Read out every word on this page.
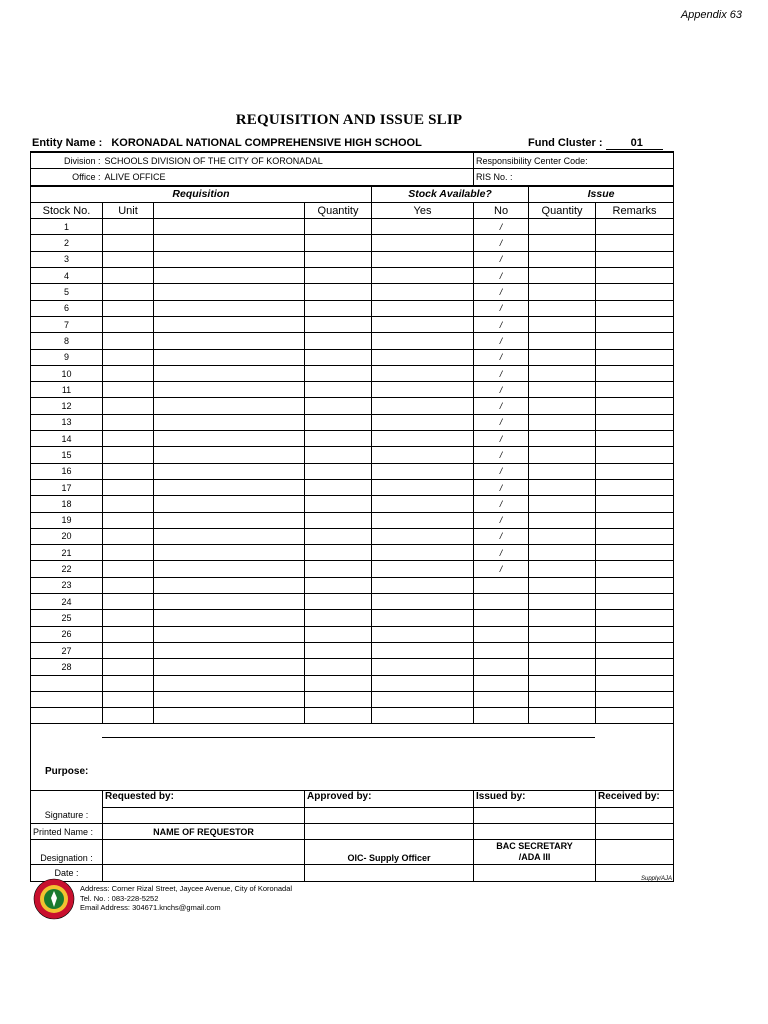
Appendix 63
REQUISITION AND ISSUE SLIP
Entity Name : KORONADAL NATIONAL COMPREHENSIVE HIGH SCHOOL	Fund Cluster :	01
Division :	SCHOOLS DIVISION OF THE CITY OF KORONADAL				Responsibility Center Code:		
Office :	ALIVE OFFICE				RIS No. :		
Requisition				Stock Available?		Issue	
Stock No.	Unit		Quantity	Yes	No	Quantity	Remarks
1					/		
2					/		
3					/		
4					/		
5					/		
6					/		
7					/		
8					/		
9					/		
10					/		
11					/		
12					/		
13					/		
14					/		
15					/		
16					/		
17					/		
18					/		
19					/		
20					/		
21					/		
22					/		
23							
24							
25							
26							
27							
28							

Purpose:							
	Requested by:		Approved by:		Issued by:		Received by:
Signature :							
Printed Name :	NAME OF REQUESTOR						
Designation :			OIC- Supply Officer		BAC SECRETARY
/ADA III		
Date :							
Supply/AJA
Address: Corner Rizal Street, Jaycee Avenue, City of Koronadal
Tel. No. : 083-228-5252
Email Address: 304671.knchs@gmail.com
